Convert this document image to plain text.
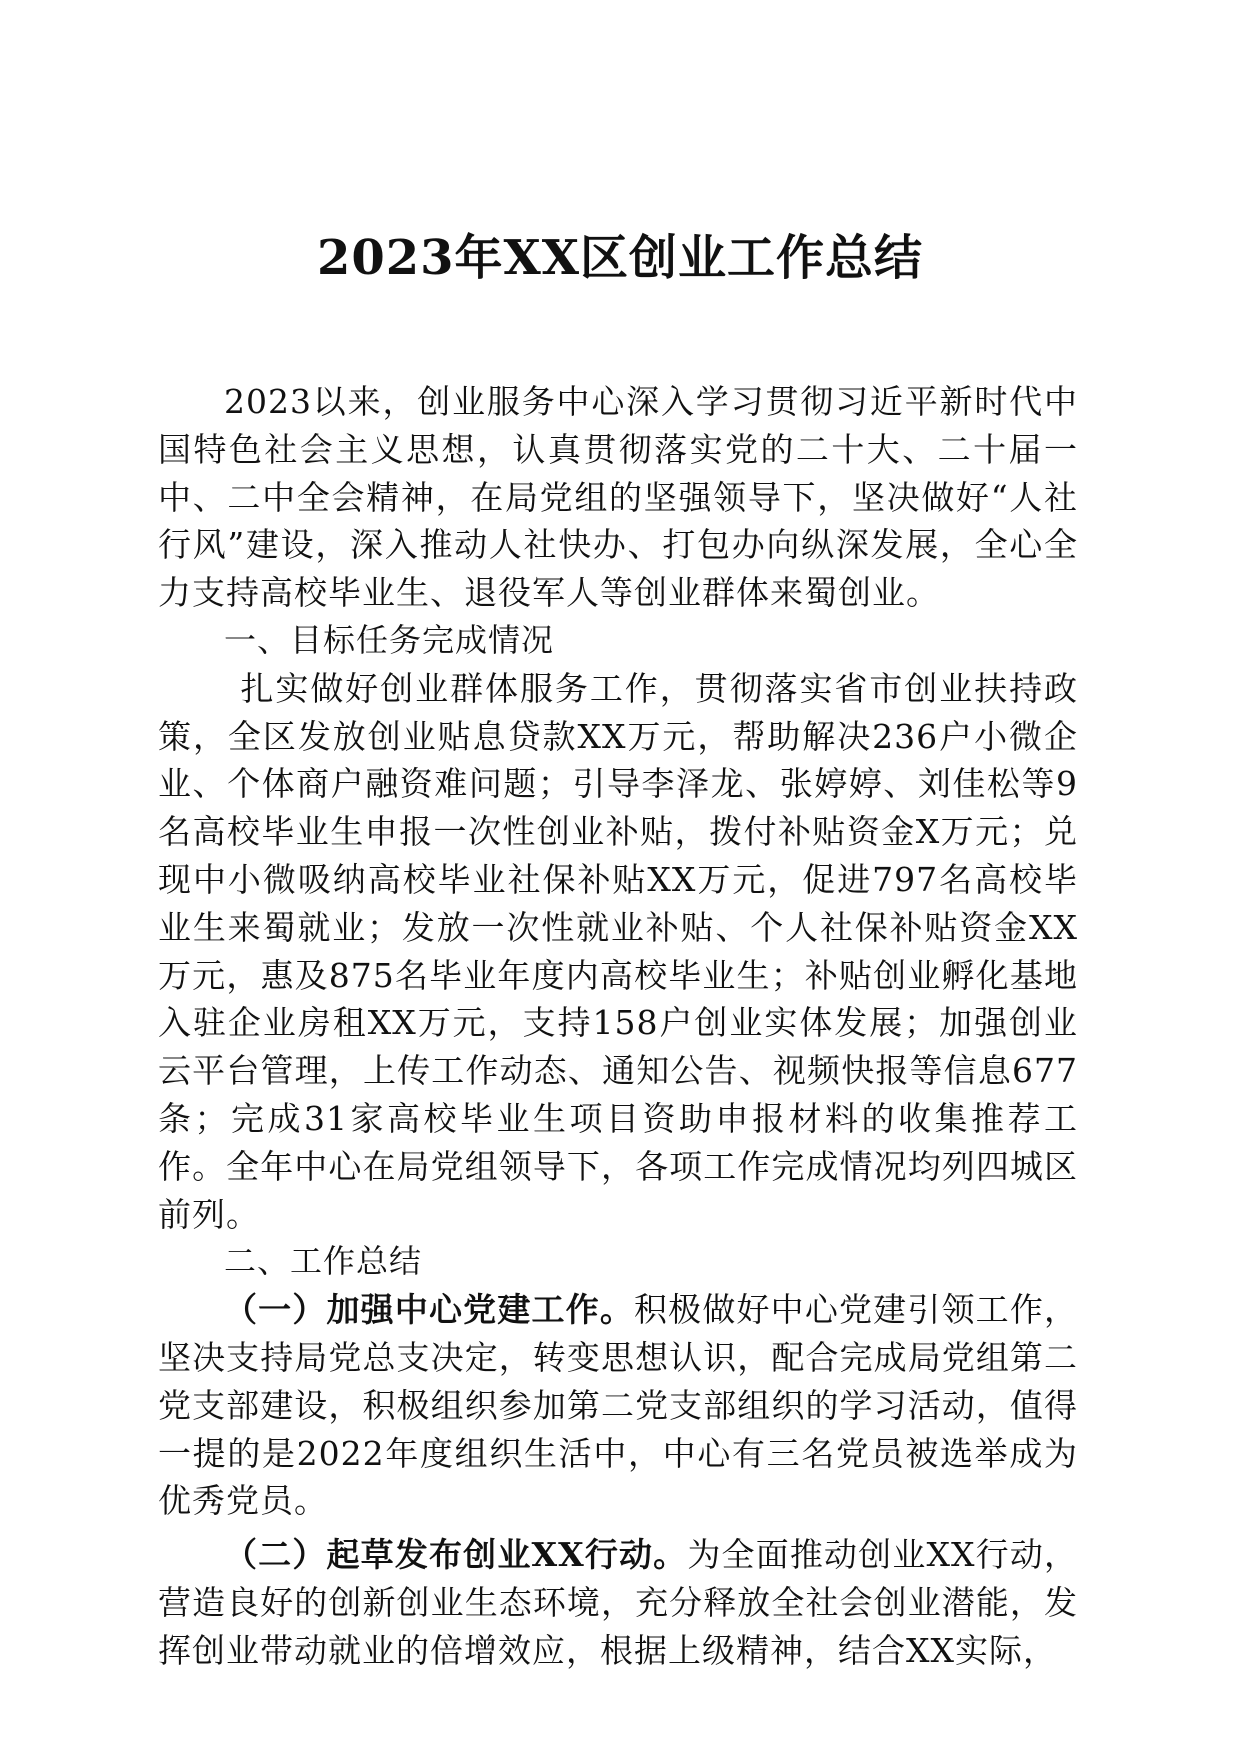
2023年XX区创业工作总结

2023以来，创业服务中心深入学习贯彻习近平新时代中国特色社会主义思想，认真贯彻落实党的二十大、二十届一中、二中全会精神，在局党组的坚强领导下，坚决做好“人社行风”建设，深入推动人社快办、打包办向纵深发展，全心全力支持高校毕业生、退役军人等创业群体来蜀创业。

一、目标任务完成情况

扎实做好创业群体服务工作，贯彻落实省市创业扶持政策，全区发放创业贴息贷款XX万元，帮助解决236户小微企业、个体商户融资难问题；引导李泽龙、张婷婷、刘佳松等9名高校毕业生申报一次性创业补贴，拨付补贴资金X万元；兑现中小微吸纳高校毕业社保补贴XX万元，促进797名高校毕业生来蜀就业；发放一次性就业补贴、个人社保补贴资金XX万元，惠及875名毕业年度内高校毕业生；补贴创业孵化基地入驻企业房租XX万元，支持158户创业实体发展；加强创业云平台管理，上传工作动态、通知公告、视频快报等信息677条；完成31家高校毕业生项目资助申报材料的收集推荐工作。全年中心在局党组领导下，各项工作完成情况均列四城区前列。

二、工作总结

（一）加强中心党建工作。积极做好中心党建引领工作，坚决支持局党总支决定，转变思想认识，配合完成局党组第二党支部建设，积极组织参加第二党支部组织的学习活动，值得一提的是2022年度组织生活中，中心有三名党员被选举成为优秀党员。

（二）起草发布创业XX行动。为全面推动创业XX行动，营造良好的创新创业生态环境，充分释放全社会创业潜能，发挥创业带动就业的倍增效应，根据上级精神，结合XX实际，
